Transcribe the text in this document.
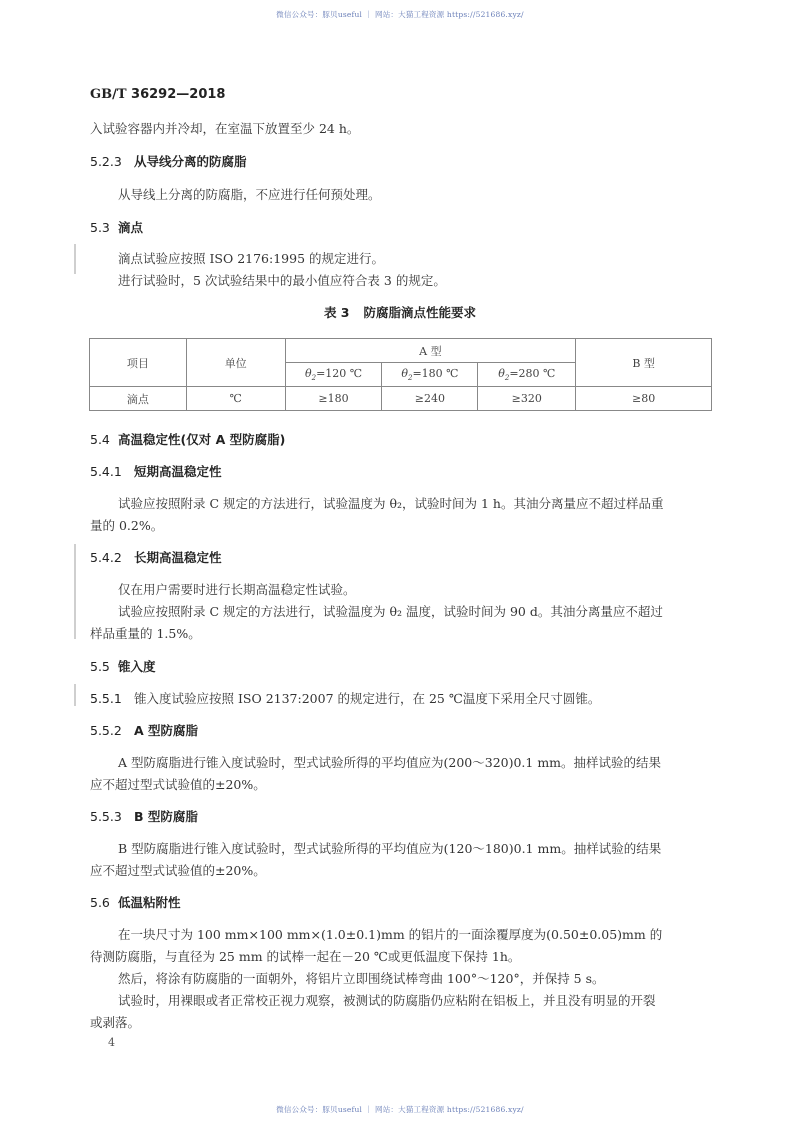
微信公众号：豚贝useful ｜ 网站：大猫工程资源 https://521686.xyz/
GB/T 36292—2018
入试验容器内并冷却，在室温下放置至少 24 h。
5.2.3 从导线分离的防腐脂
从导线上分离的防腐脂，不应进行任何预处理。
5.3 滴点
滴点试验应按照 ISO 2176:1995 的规定进行。
进行试验时，5 次试验结果中的最小值应符合表 3 的规定。
表 3 防腐脂滴点性能要求
项目	单位	A 型			B 型
		$\theta_2=120$ ℃	$\theta_2=180$ ℃	$\theta_2=280$ ℃	
滴点	℃	≥180	≥240	≥320	≥80
5.4 高温稳定性(仅对 A 型防腐脂)
5.4.1 短期高温稳定性
试验应按照附录 C 规定的方法进行，试验温度为 θ₂，试验时间为 1 h。其油分离量应不超过样品重
量的 0.2%。
5.4.2 长期高温稳定性
仅在用户需要时进行长期高温稳定性试验。
试验应按照附录 C 规定的方法进行，试验温度为 θ₂ 温度，试验时间为 90 d。其油分离量应不超过
样品重量的 1.5%。
5.5 锥入度
5.5.1 锥入度试验应按照 ISO 2137:2007 的规定进行，在 25 ℃温度下采用全尺寸圆锥。
5.5.2 A 型防腐脂
A 型防腐脂进行锥入度试验时，型式试验所得的平均值应为(200～320)0.1 mm。抽样试验的结果
应不超过型式试验值的±20%。
5.5.3 B 型防腐脂
B 型防腐脂进行锥入度试验时，型式试验所得的平均值应为(120～180)0.1 mm。抽样试验的结果
应不超过型式试验值的±20%。
5.6 低温粘附性
在一块尺寸为 100 mm×100 mm×(1.0±0.1)mm 的铝片的一面涂覆厚度为(0.50±0.05)mm 的
待测防腐脂，与直径为 25 mm 的试棒一起在－20 ℃或更低温度下保持 1h。
然后，将涂有防腐脂的一面朝外，将铝片立即围绕试棒弯曲 100°～120°，并保持 5 s。
试验时，用裸眼或者正常校正视力观察，被测试的防腐脂仍应粘附在铝板上，并且没有明显的开裂
或剥落。
4
微信公众号：豚贝useful ｜ 网站：大猫工程资源 https://521686.xyz/
